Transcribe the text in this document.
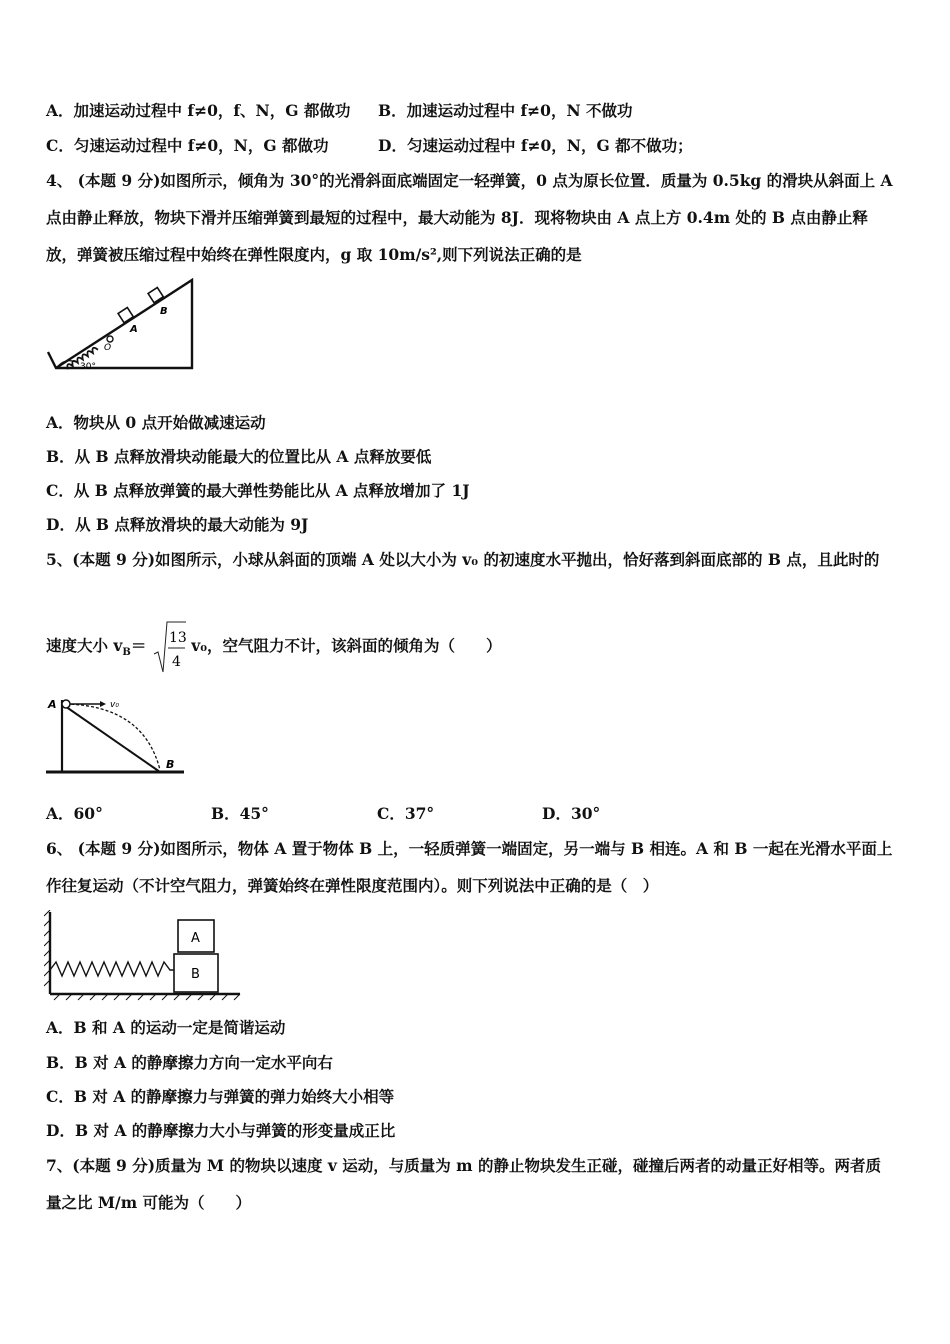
A．加速运动过程中 f≠0，f、N，G 都做功 B．加速运动过程中 f≠0，N 不做功
C．匀速运动过程中 f≠0，N，G 都做功	D．匀速运动过程中 f≠0，N，G 都不做功；
4、 (本题 9 分)如图所示，倾角为 30°的光滑斜面底端固定一轻弹簧，0 点为原长位置．质量为 0.5kg 的滑块从斜面上 A
点由静止释放，物块下滑并压缩弹簧到最短的过程中，最大动能为 8J．现将物块由 A 点上方 0.4m 处的 B 点由静止释
放，弹簧被压缩过程中始终在弹性限度内，g 取 10m/s²,则下列说法正确的是
30°
O
A
B
A．物块从 0 点开始做减速运动
B．从 B 点释放滑块动能最大的位置比从 A 点释放要低
C．从 B 点释放弹簧的最大弹性势能比从 A 点释放增加了 1J
D．从 B 点释放滑块的最大动能为 9J
5、(本题 9 分)如图所示，小球从斜面的顶端 A 处以大小为 v₀ 的初速度水平抛出，恰好落到斜面底部的 B 点，且此时的
速度大小 $v_B= 13$
4
v₀，空气阻力不计，该斜面的倾角为（　　）
v₀
A
B
A．60°	B．45°	C．37°	D．30°
6、 (本题 9 分)如图所示，物体 A 置于物体 B 上，一轻质弹簧一端固定，另一端与 B 相连。A 和 B 一起在光滑水平面上
作往复运动（不计空气阻力，弹簧始终在弹性限度范围内）。则下列说法中正确的是（　）
A
B
A．B 和 A 的运动一定是简谐运动
B．B 对 A 的静摩擦力方向一定水平向右
C．B 对 A 的静摩擦力与弹簧的弹力始终大小相等
D．B 对 A 的静摩擦力大小与弹簧的形变量成正比
7、(本题 9 分)质量为 M 的物块以速度 v 运动，与质量为 m 的静止物块发生正碰，碰撞后两者的动量正好相等。两者质
量之比 M/m 可能为（　　）
